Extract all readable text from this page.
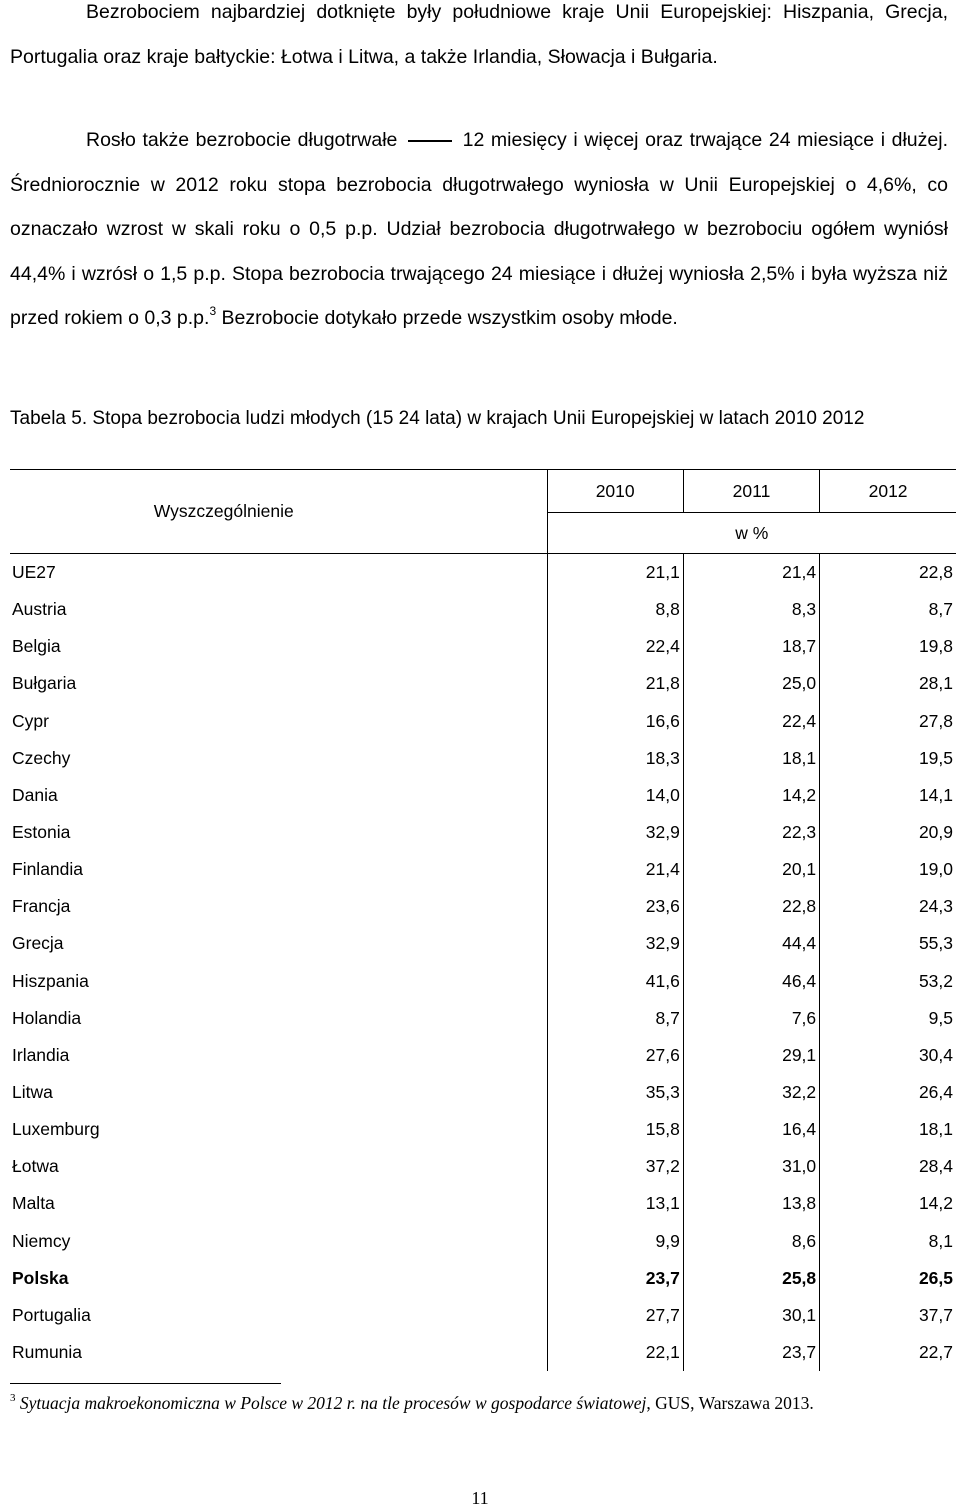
Bezrobociem najbardziej dotknięte były południowe kraje Unii Europejskiej: Hiszpania, Grecja, Portugalia oraz kraje bałtyckie: Łotwa i Litwa, a także Irlandia, Słowacja i Bułgaria.

Rosło także bezrobocie długotrwałe	12 miesięcy i więcej oraz trwające 24 miesiące i dłużej. Średniorocznie w 2012 roku stopa bezrobocia długotrwałego wyniosła w Unii Europejskiej o 4,6%, co oznaczało wzrost w skali roku o 0,5 p.p. Udział bezrobocia długotrwałego w bezrobociu ogółem wyniósł 44,4% i wzrósł o 1,5 p.p. Stopa bezrobocia trwającego 24 miesiące i dłużej wyniosła 2,5% i była wyższa niż przed rokiem o 0,3 p.p.$^3$ Bezrobocie dotykało przede wszystkim osoby młode.

Tabela 5. Stopa bezrobocia ludzi młodych (15 24 lata) w krajach Unii Europejskiej w latach 2010 2012

Wyszczególnienie	2010	2011	2012
	w %		
UE27	21,1	21,4	22,8
Austria	8,8	8,3	8,7
Belgia	22,4	18,7	19,8
Bułgaria	21,8	25,0	28,1
Cypr	16,6	22,4	27,8
Czechy	18,3	18,1	19,5
Dania	14,0	14,2	14,1
Estonia	32,9	22,3	20,9
Finlandia	21,4	20,1	19,0
Francja	23,6	22,8	24,3
Grecja	32,9	44,4	55,3
Hiszpania	41,6	46,4	53,2
Holandia	8,7	7,6	9,5
Irlandia	27,6	29,1	30,4
Litwa	35,3	32,2	26,4
Luxemburg	15,8	16,4	18,1
Łotwa	37,2	31,0	28,4
Malta	13,1	13,8	14,2
Niemcy	9,9	8,6	8,1
Polska	23,7	25,8	26,5
Portugalia	27,7	30,1	37,7
Rumunia	22,1	23,7	22,7

$^3$ Sytuacja makroekonomiczna w Polsce w 2012 r. na tle procesów w gospodarce światowej, GUS, Warszawa 2013.

11
